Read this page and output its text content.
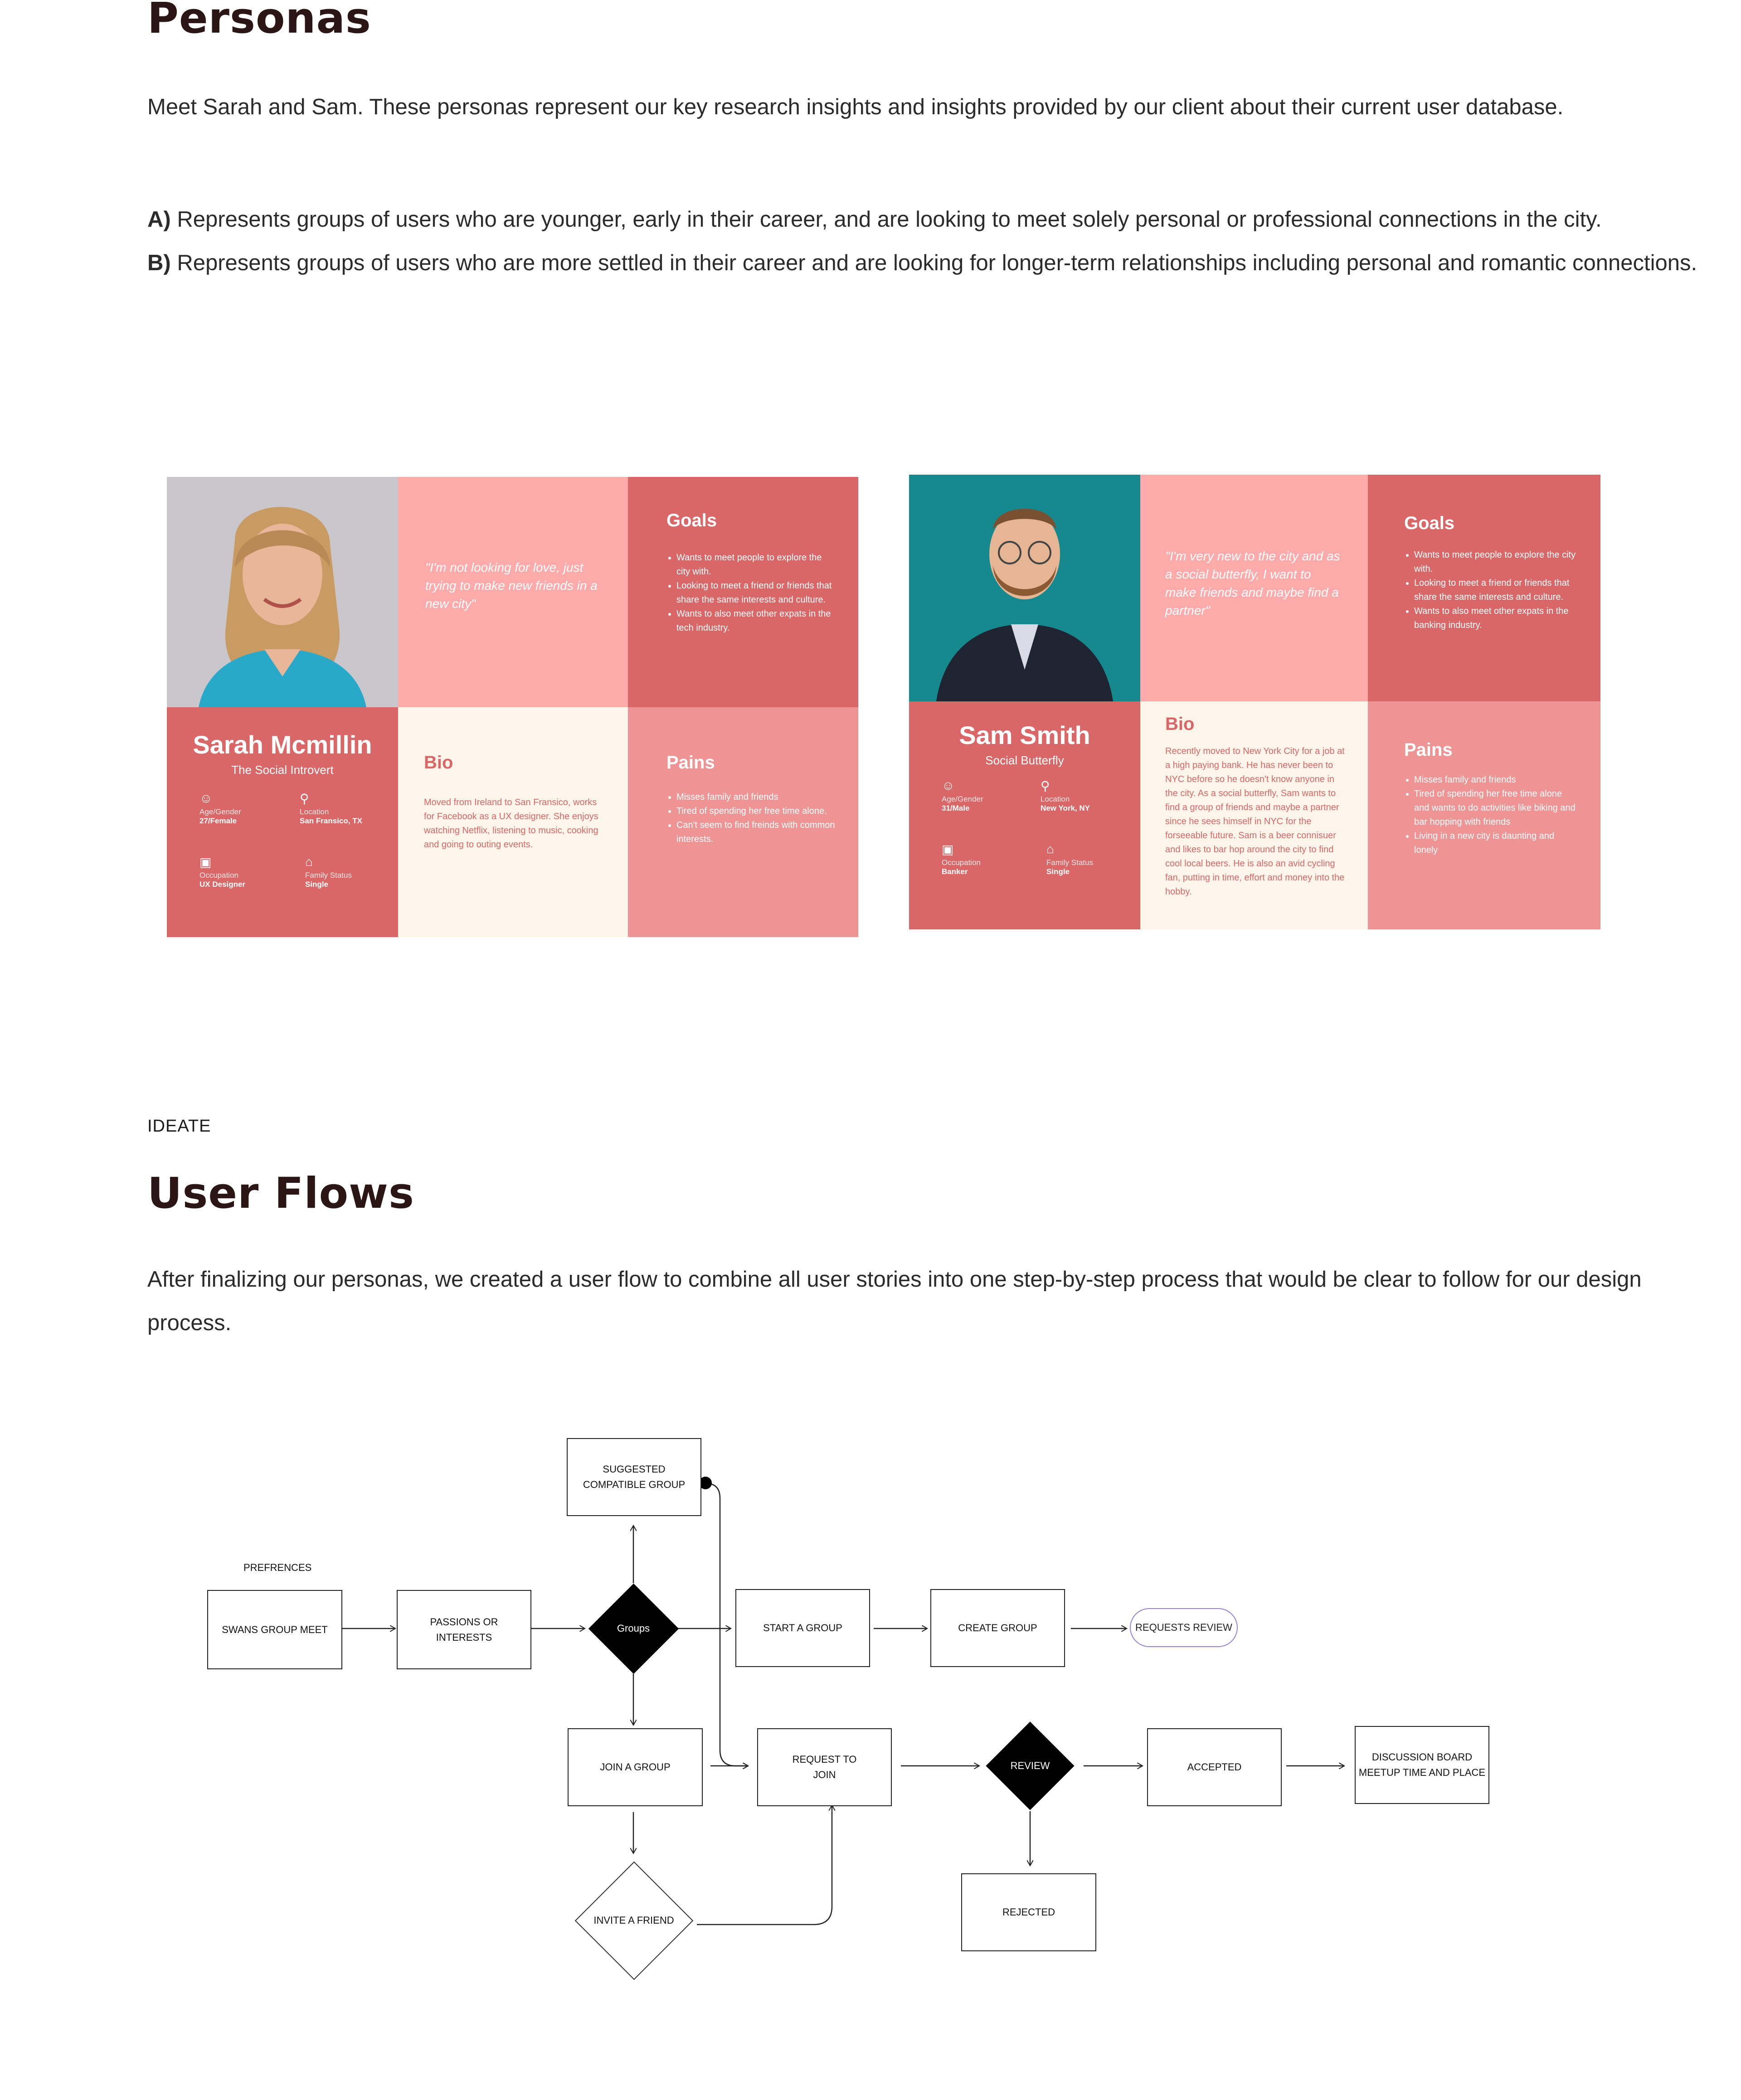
Personas
Meet Sarah and Sam. These personas represent our key research insights and insights provided by our client about their current user database.
A) Represents groups of users who are younger, early in their career, and are looking to meet solely personal or professional connections in the city.
B) Represents groups of users who are more settled in their career and are looking for longer-term relationships including personal and romantic connections.
"I'm not looking for love, just trying to make new friends in a new city"
Goals
• Wants to meet people to explore the city with.
• Looking to meet a friend or friends that share the same interests and culture.
• Wants to also meet other expats in the tech industry.
Sarah Mcmillin
The Social Introvert
☺
Age/Gender
27/Female
⚲
Location
San Fransico, TX
▣
Occupation
UX Designer
⌂
Family Status
Single
Bio
Moved from Ireland to San Fransico, works for Facebook as a UX designer. She enjoys watching Netflix, listening to music, cooking and going to outing events.
Pains
• Misses family and friends
• Tired of spending her free time alone.
• Can't seem to find freinds with common interests.
"I'm very new to the city and as a social butterfly, I want to make friends and maybe find a partner"
Goals
• Wants to meet people to explore the city with.
• Looking to meet a friend or friends that share the same interests and culture.
• Wants to also meet other expats in the banking industry.
Sam Smith
Social Butterfly
☺
Age/Gender
31/Male
⚲
Location
New York, NY
▣
Occupation
Banker
⌂
Family Status
Single
Bio
Recently moved to New York City for a job at a high paying bank. He has never been to NYC before so he doesn't know anyone in the city. As a social butterfly, Sam wants to find a group of friends and maybe a partner since he sees himself in NYC for the forseeable future. Sam is a beer connisuer and likes to bar hop around the city to find cool local beers. He is also an avid cycling fan, putting in time, effort and money into the hobby.
Pains
• Misses family and friends
• Tired of spending her free time alone and wants to do activities like biking and bar hopping with friends
• Living in a new city is daunting and lonely
IDEATE
User Flows
After finalizing our personas, we created a user flow to combine all user stories into one step-by-step process that would be clear to follow for our design process.
PREFRENCES
SWANS GROUP MEET
PASSIONS OR INTERESTS
Groups
SUGGESTED COMPATIBLE GROUP
START A GROUP	CREATE GROUP	REQUESTS REVIEW
JOIN A GROUP
REQUEST TO JOIN
REVIEW	ACCEPTED
DISCUSSION BOARD
MEETUP TIME AND PLACE
INVITE A FRIEND
REJECTED
